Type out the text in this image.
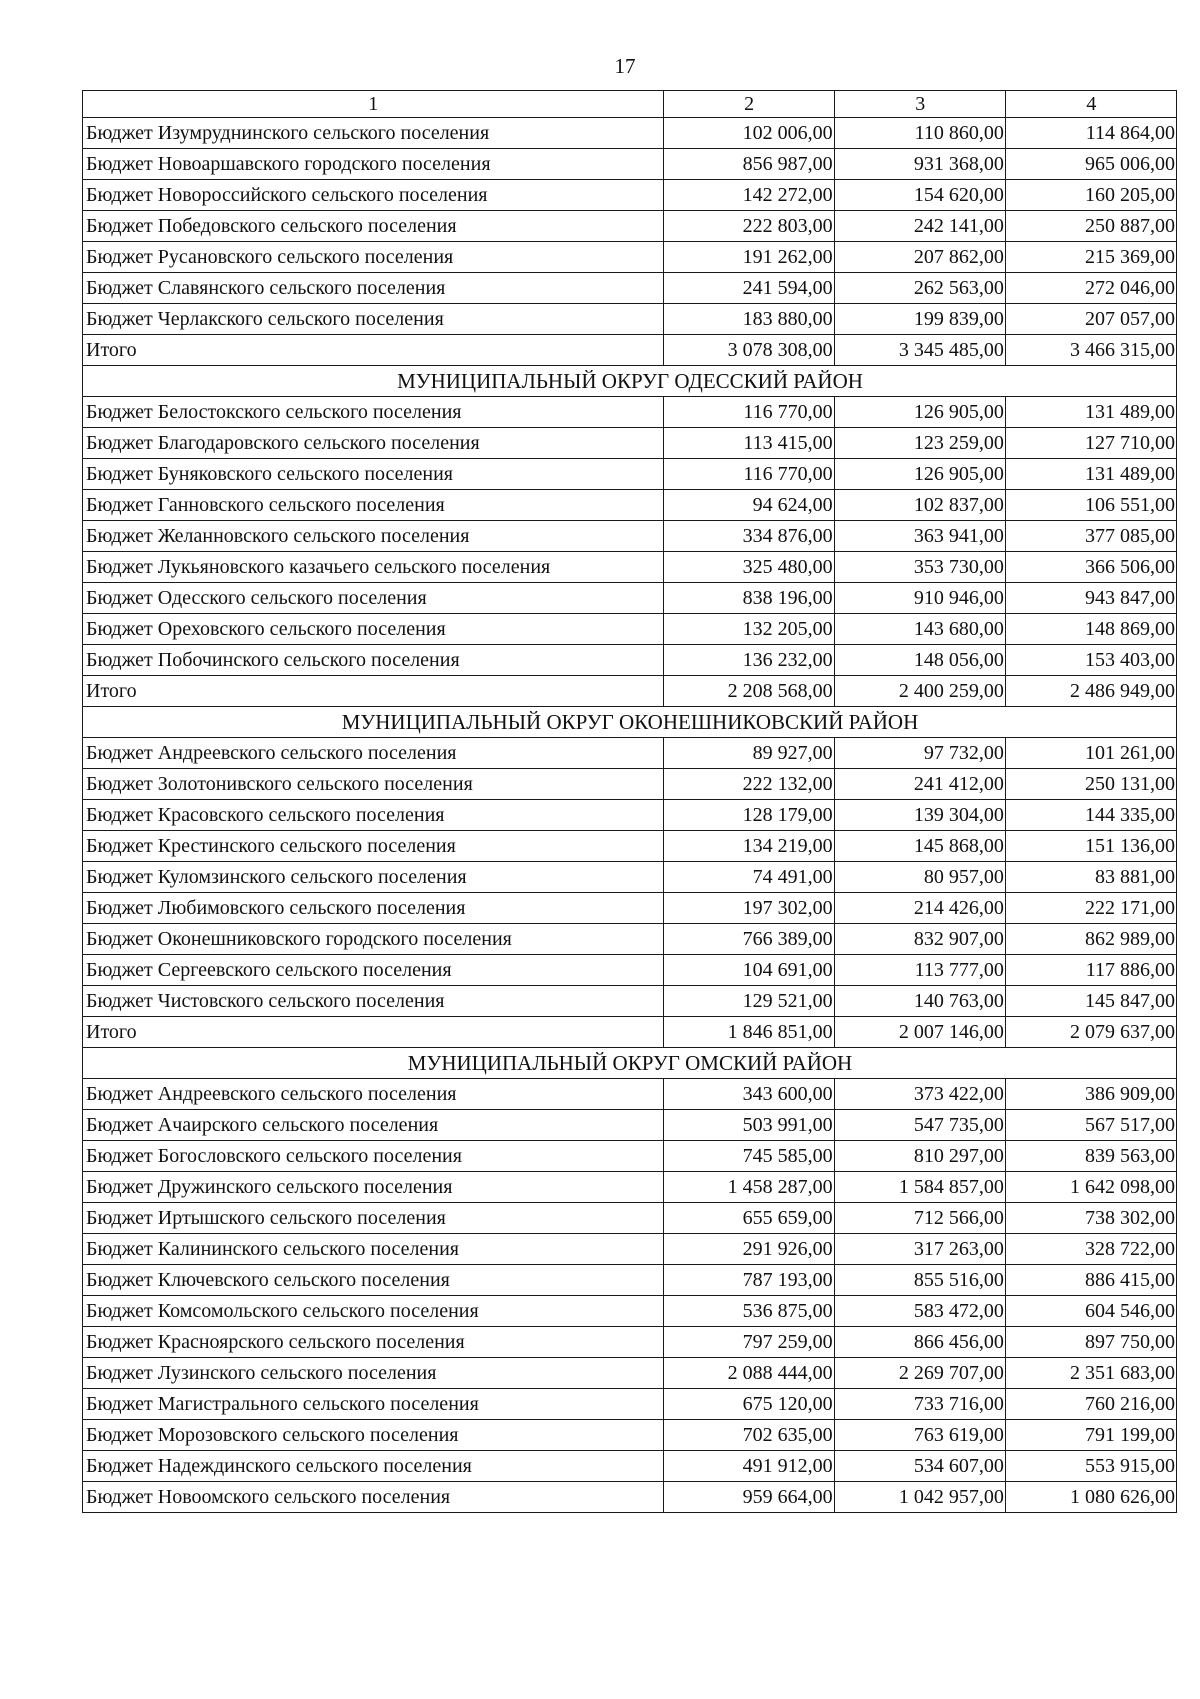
17
1	2	3	4
Бюджет Изумруднинского сельского поселения	102 006,00	110 860,00	114 864,00
Бюджет Новоаршавского городского поселения	856 987,00	931 368,00	965 006,00
Бюджет Новороссийского сельского поселения	142 272,00	154 620,00	160 205,00
Бюджет Победовского сельского поселения	222 803,00	242 141,00	250 887,00
Бюджет Русановского сельского поселения	191 262,00	207 862,00	215 369,00
Бюджет Славянского сельского поселения	241 594,00	262 563,00	272 046,00
Бюджет Черлакского сельского поселения	183 880,00	199 839,00	207 057,00
Итого	3 078 308,00	3 345 485,00	3 466 315,00
МУНИЦИПАЛЬНЫЙ ОКРУГ ОДЕССКИЙ РАЙОН			
Бюджет Белостокского сельского поселения	116 770,00	126 905,00	131 489,00
Бюджет Благодаровского сельского поселения	113 415,00	123 259,00	127 710,00
Бюджет Буняковского сельского поселения	116 770,00	126 905,00	131 489,00
Бюджет Ганновского сельского поселения	94 624,00	102 837,00	106 551,00
Бюджет Желанновского сельского поселения	334 876,00	363 941,00	377 085,00
Бюджет Лукьяновского казачьего сельского поселения	325 480,00	353 730,00	366 506,00
Бюджет Одесского сельского поселения	838 196,00	910 946,00	943 847,00
Бюджет Ореховского сельского поселения	132 205,00	143 680,00	148 869,00
Бюджет Побочинского сельского поселения	136 232,00	148 056,00	153 403,00
Итого	2 208 568,00	2 400 259,00	2 486 949,00
МУНИЦИПАЛЬНЫЙ ОКРУГ ОКОНЕШНИКОВСКИЙ РАЙОН			
Бюджет Андреевского сельского поселения	89 927,00	97 732,00	101 261,00
Бюджет Золотонивского сельского поселения	222 132,00	241 412,00	250 131,00
Бюджет Красовского сельского поселения	128 179,00	139 304,00	144 335,00
Бюджет Крестинского сельского поселения	134 219,00	145 868,00	151 136,00
Бюджет Куломзинского сельского поселения	74 491,00	80 957,00	83 881,00
Бюджет Любимовского сельского поселения	197 302,00	214 426,00	222 171,00
Бюджет Оконешниковского городского поселения	766 389,00	832 907,00	862 989,00
Бюджет Сергеевского сельского поселения	104 691,00	113 777,00	117 886,00
Бюджет Чистовского сельского поселения	129 521,00	140 763,00	145 847,00
Итого	1 846 851,00	2 007 146,00	2 079 637,00
МУНИЦИПАЛЬНЫЙ ОКРУГ ОМСКИЙ РАЙОН			
Бюджет Андреевского сельского поселения	343 600,00	373 422,00	386 909,00
Бюджет Ачаирского сельского поселения	503 991,00	547 735,00	567 517,00
Бюджет Богословского сельского поселения	745 585,00	810 297,00	839 563,00
Бюджет Дружинского сельского поселения	1 458 287,00	1 584 857,00	1 642 098,00
Бюджет Иртышского сельского поселения	655 659,00	712 566,00	738 302,00
Бюджет Калининского сельского поселения	291 926,00	317 263,00	328 722,00
Бюджет Ключевского сельского поселения	787 193,00	855 516,00	886 415,00
Бюджет Комсомольского сельского поселения	536 875,00	583 472,00	604 546,00
Бюджет Красноярского сельского поселения	797 259,00	866 456,00	897 750,00
Бюджет Лузинского сельского поселения	2 088 444,00	2 269 707,00	2 351 683,00
Бюджет Магистрального сельского поселения	675 120,00	733 716,00	760 216,00
Бюджет Морозовского сельского поселения	702 635,00	763 619,00	791 199,00
Бюджет Надеждинского сельского поселения	491 912,00	534 607,00	553 915,00
Бюджет Новоомского сельского поселения	959 664,00	1 042 957,00	1 080 626,00
